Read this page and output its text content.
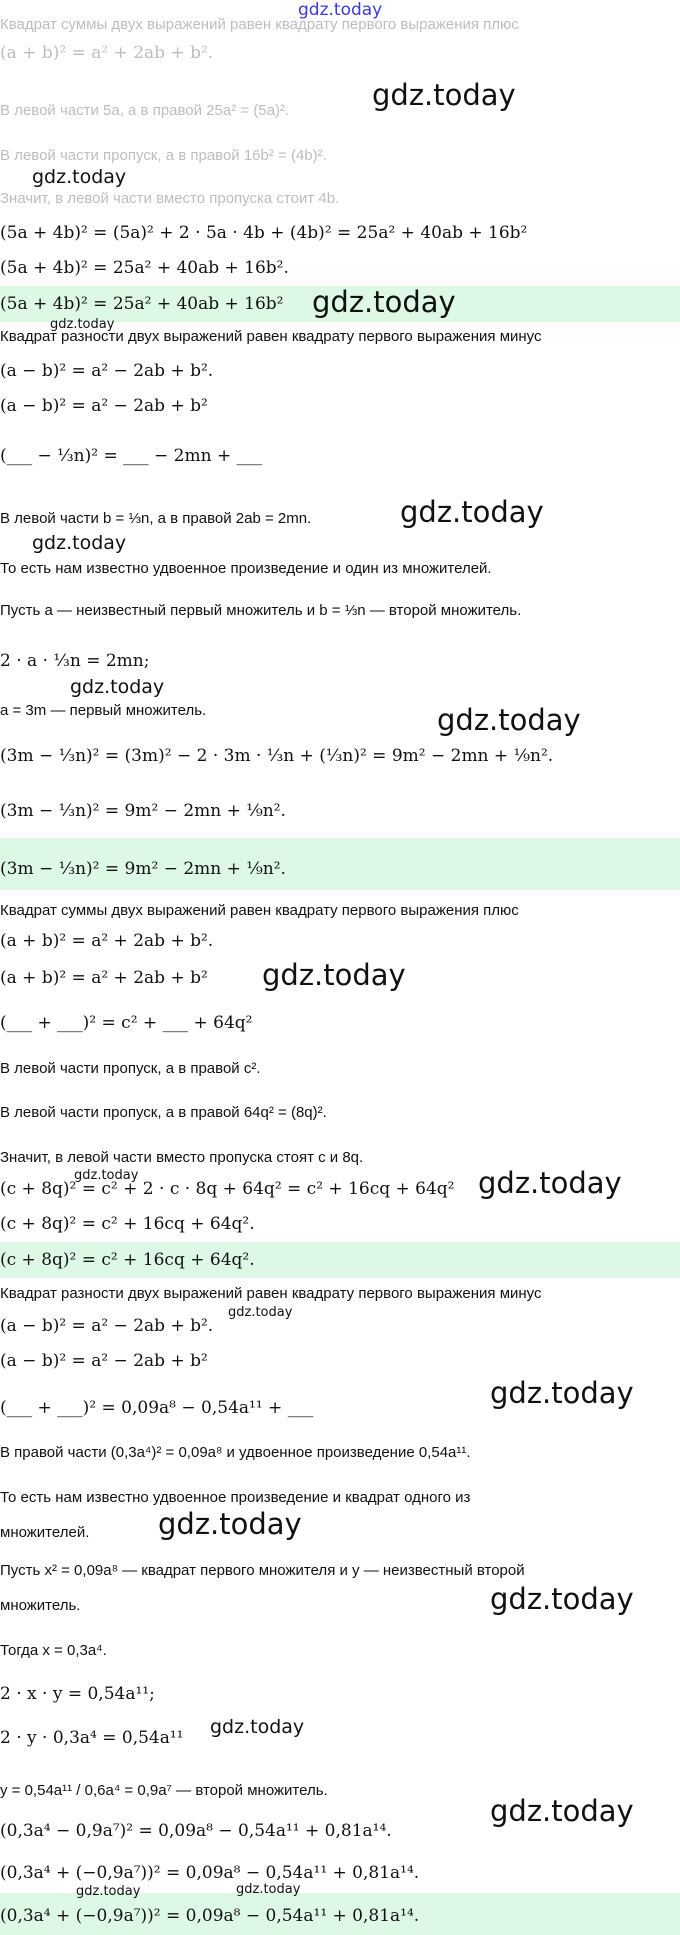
gdz.today
Квадрат суммы двух выражений равен квадрату первого выражения плюс
(a + b)² = a² + 2ab + b².
В левой части 5a, а в правой 25a² = (5a)².
В левой части пропуск, а в правой 16b² = (4b)².
Значит, в левой части вместо пропуска стоит 4b.
(5a + 4b)² = (5a)² + 2 · 5a · 4b + (4b)² = 25a² + 40ab + 16b²
(5a + 4b)² = 25a² + 40ab + 16b².
(5a + 4b)² = 25a² + 40ab + 16b²
Квадрат разности двух выражений равен квадрату первого выражения минус
(a − b)² = a² − 2ab + b².
(a − b)² = a² − 2ab + b²
(___ − ⅓n)² = ___ − 2mn + ___
В левой части b = ⅓n, а в правой 2ab = 2mn.
То есть нам известно удвоенное произведение и один из множителей.
Пусть a — неизвестный первый множитель и b = ⅓n — второй множитель.
2 · a · ⅓n = 2mn;
a = 3m — первый множитель.
(3m − ⅓n)² = (3m)² − 2 · 3m · ⅓n + (⅓n)² = 9m² − 2mn + ⅑n².
(3m − ⅓n)² = 9m² − 2mn + ⅑n².
(3m − ⅓n)² = 9m² − 2mn + ⅑n².
Квадрат суммы двух выражений равен квадрату первого выражения плюс
(a + b)² = a² + 2ab + b².
(a + b)² = a² + 2ab + b²
(___ + ___)² = c² + ___ + 64q²
В левой части пропуск, а в правой c².
В левой части пропуск, а в правой 64q² = (8q)².
Значит, в левой части вместо пропуска стоят c и 8q.
(c + 8q)² = c² + 2 · c · 8q + 64q² = c² + 16cq + 64q²
(c + 8q)² = c² + 16cq + 64q².
(c + 8q)² = c² + 16cq + 64q².
Квадрат разности двух выражений равен квадрату первого выражения минус
(a − b)² = a² − 2ab + b².
(a − b)² = a² − 2ab + b²
(___ + ___)² = 0,09a⁸ − 0,54a¹¹ + ___
В правой части (0,3a⁴)² = 0,09a⁸ и удвоенное произведение 0,54a¹¹.
То есть нам известно удвоенное произведение и квадрат одного из
множителей.
Пусть x² = 0,09a⁸ — квадрат первого множителя и y — неизвестный второй
множитель.
Тогда x = 0,3a⁴.
2 · x · y = 0,54a¹¹;
2 · y · 0,3a⁴ = 0,54a¹¹
y = 0,54a¹¹ / 0,6a⁴ = 0,9a⁷ — второй множитель.
(0,3a⁴ − 0,9a⁷)² = 0,09a⁸ − 0,54a¹¹ + 0,81a¹⁴.
(0,3a⁴ + (−0,9a⁷))² = 0,09a⁸ − 0,54a¹¹ + 0,81a¹⁴.
(0,3a⁴ + (−0,9a⁷))² = 0,09a⁸ − 0,54a¹¹ + 0,81a¹⁴.
gdz.today
gdz.today
gdz.today
gdz.today
gdz.today
gdz.today
gdz.today
gdz.today
gdz.today
gdz.today	gdz.today
gdz.today
gdz.today
gdz.today
gdz.today
gdz.today
gdz.today
gdz.today	gdz.today
